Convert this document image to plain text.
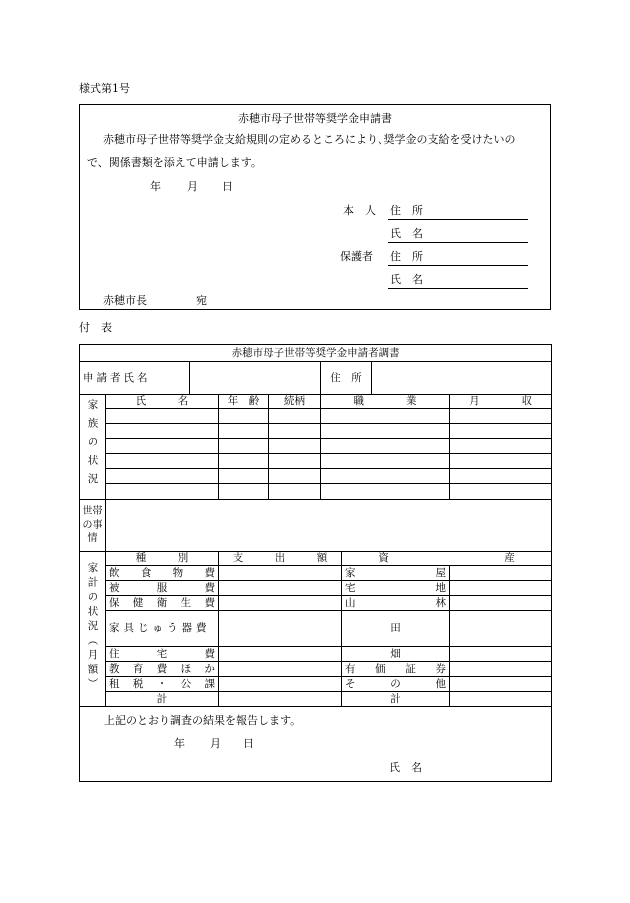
様式第1号
赤穂市母子世帯等奨学金申請書
赤穂市母子世帯等奨学金支給規則の定めるところにより､奨学金の支給を受けたいの
で、関係書類を添えて申請します。
年 月 日
本　人 住　所
氏　名
保護者 住　所
氏　名
赤穂市長	宛
付　表
赤穂市母子世帯等奨学金申請者調書								
申請者氏名					住　所			
家族の状況	氏　　　名		年　齢	続柄	職　　　　業			月　　　　収

世帯の事情								
家計の状況（月額）	種　　　別		支　　　出　　　額			資　　　　　　　　　　　産		
	飲食物費					家屋		
	被服費					宅地		
	保健衛生費					山林		
	家具じゅう器費					田		
	住宅費					畑		
	教育費ほか					有価証券		
	租税・公課					その他		
	計					計		

上記のとおり調査の結果を報告します。
年 月 日
氏　名								
